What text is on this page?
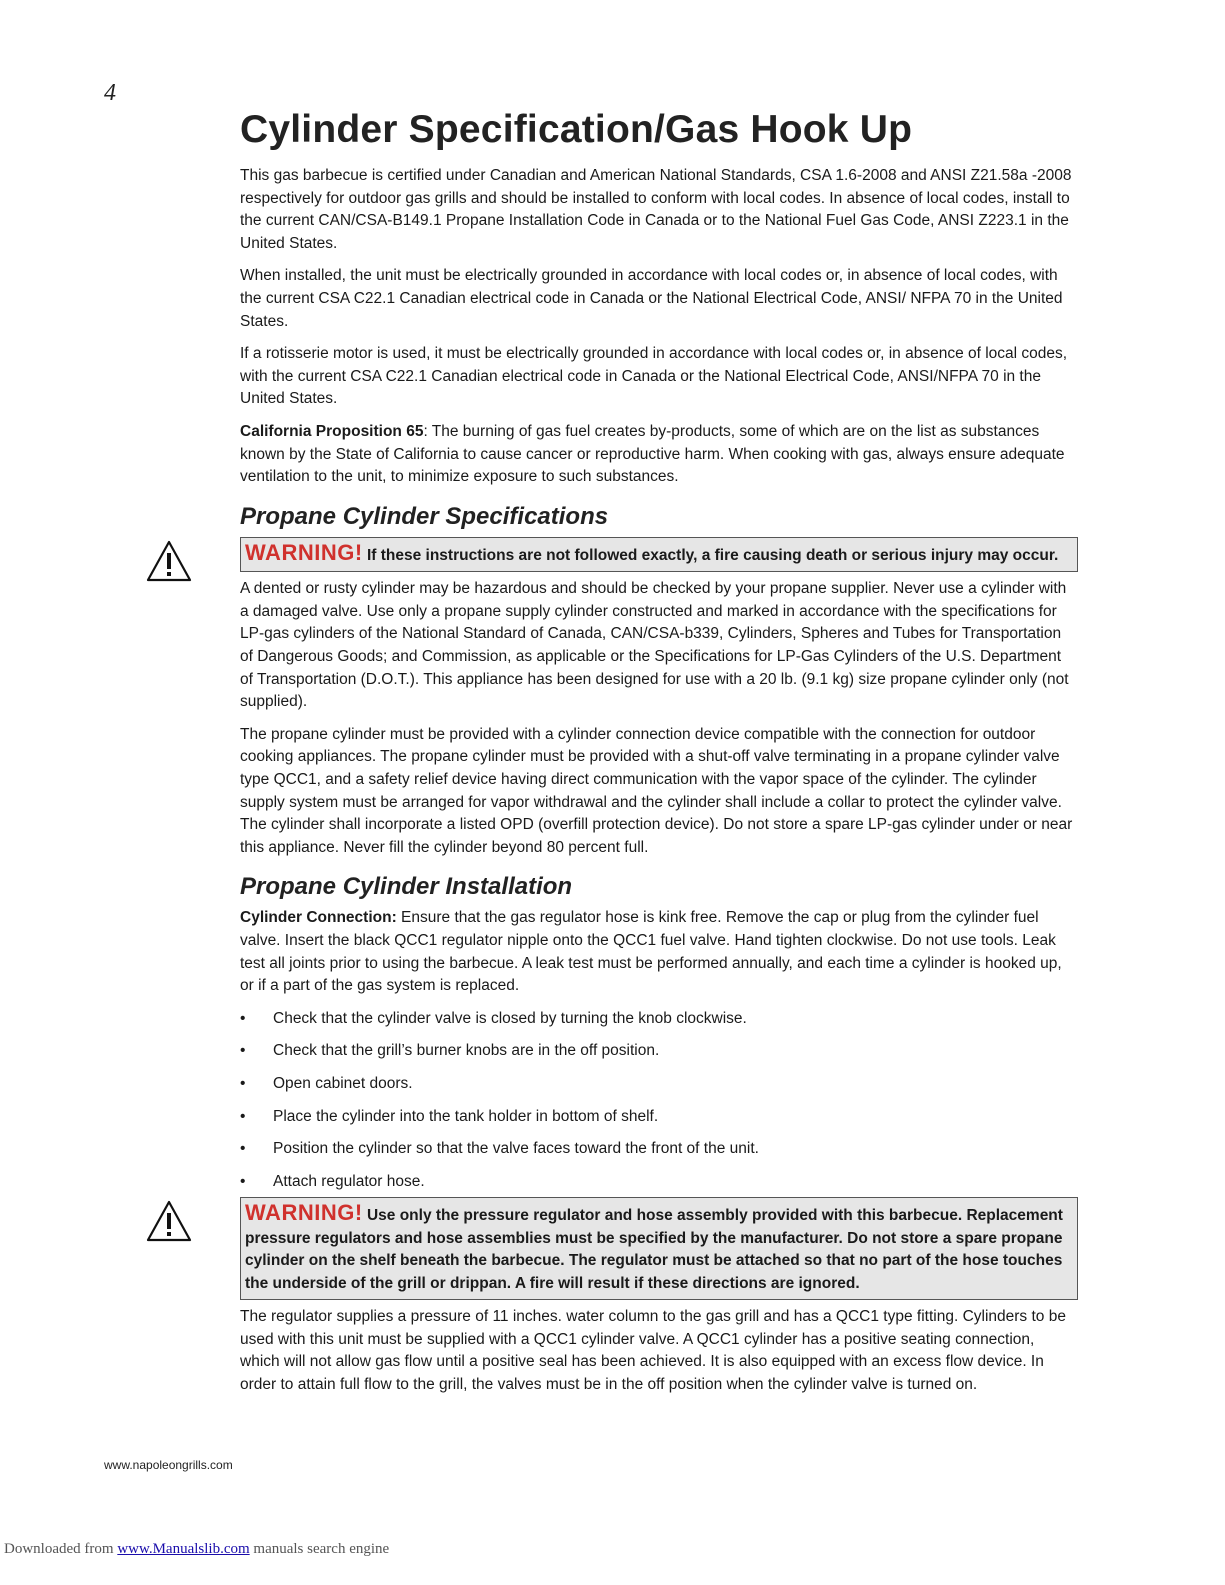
4
Cylinder Specification/Gas Hook Up

This gas barbecue is certified under Canadian and American National Standards, CSA 1.6-2008 and ANSI Z21.58a -2008 respectively for outdoor gas grills and should be installed to conform with local codes. In absence of local codes, install to the current CAN/CSA-B149.1 Propane Installation Code in Canada or to the National Fuel Gas Code, ANSI Z223.1 in the United States.

When installed, the unit must be electrically grounded in accordance with local codes or, in absence of local codes, with the current CSA C22.1 Canadian electrical code in Canada or the National Electrical Code, ANSI/ NFPA 70 in the United States.

If a rotisserie motor is used, it must be electrically grounded in accordance with local codes or, in absence of local codes, with the current CSA C22.1 Canadian electrical code in Canada or the National Electrical Code, ANSI/NFPA 70 in the United States.

California Proposition 65: The burning of gas fuel creates by-products, some of which are on the list as substances known by the State of California to cause cancer or reproductive harm. When cooking with gas, always ensure adequate ventilation to the unit, to minimize exposure to such substances.

Propane Cylinder Specifications
WARNING! If these instructions are not followed exactly, a fire causing death or serious injury may occur.

A dented or rusty cylinder may be hazardous and should be checked by your propane supplier. Never use a cylinder with a damaged valve. Use only a propane supply cylinder constructed and marked in accordance with the specifications for LP-gas cylinders of the National Standard of Canada, CAN/CSA-b339, Cylinders, Spheres and Tubes for Transportation of Dangerous Goods; and Commission, as applicable or the Specifications for LP-Gas Cylinders of the U.S. Department of Transportation (D.O.T.). This appliance has been designed for use with a 20 lb. (9.1 kg) size propane cylinder only (not supplied).

The propane cylinder must be provided with a cylinder connection device compatible with the connection for outdoor cooking appliances. The propane cylinder must be provided with a shut-off valve terminating in a propane cylinder valve type QCC1, and a safety relief device having direct communication with the vapor space of the cylinder. The cylinder supply system must be arranged for vapor withdrawal and the cylinder shall include a collar to protect the cylinder valve. The cylinder shall incorporate a listed OPD (overfill protection device). Do not store a spare LP-gas cylinder under or near this appliance. Never fill the cylinder beyond 80 percent full.

Propane Cylinder Installation

Cylinder Connection: Ensure that the gas regulator hose is kink free. Remove the cap or plug from the cylinder fuel valve. Insert the black QCC1 regulator nipple onto the QCC1 fuel valve. Hand tighten clockwise. Do not use tools. Leak test all joints prior to using the barbecue. A leak test must be performed annually, and each time a cylinder is hooked up, or if a part of the gas system is replaced.

• Check that the cylinder valve is closed by turning the knob clockwise.
• Check that the grill’s burner knobs are in the off position.
• Open cabinet doors.
• Place the cylinder into the tank holder in bottom of shelf.
• Position the cylinder so that the valve faces toward the front of the unit.
• Attach regulator hose.
WARNING! Use only the pressure regulator and hose assembly provided with this barbecue. Replacement pressure regulators and hose assemblies must be specified by the manufacturer. Do not store a spare propane cylinder on the shelf beneath the barbecue. The regulator must be attached so that no part of the hose touches the underside of the grill or drippan. A fire will result if these directions are ignored.

The regulator supplies a pressure of 11 inches. water column to the gas grill and has a QCC1 type fitting. Cylinders to be used with this unit must be supplied with a QCC1 cylinder valve. A QCC1 cylinder has a positive seating connection, which will not allow gas flow until a positive seal has been achieved. It is also equipped with an excess flow device. In order to attain full flow to the grill, the valves must be in the off position when the cylinder valve is turned on.

www.napoleongrills.com
Downloaded from www.Manualslib.com manuals search engine
